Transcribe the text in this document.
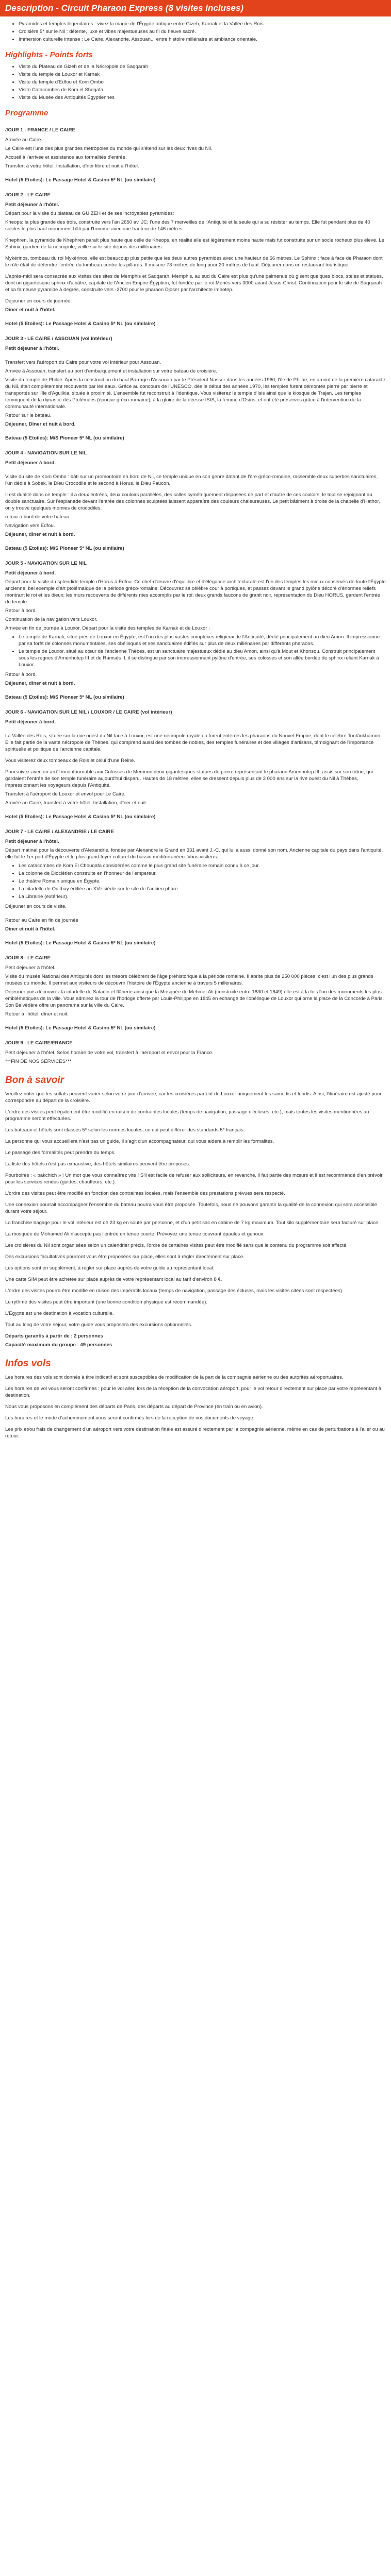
Description - Circuit Pharaon Express (8 visites incluses)
• Pyramides et temples légendaires : vivez la magie de l'Égypte antique entre Gizeh, Karnak et la Vallée des Rois.
• Croisière 5* sur le Nil : détente, luxe et vibes majestueuses au fil du fleuve sacré.
• Immersion culturelle intense : Le Caire, Alexandrie, Assouan... entre histoire millénaire et ambiance orientale.
Highlights - Points forts
• Visite du Plateau de Gizeh et de la Nécropole de Saqqarah
• Visite du temple de Louxor et Karnak
• Visite du temple d'Edfou et Kom Ombo
• Visite Catacombes de Kom el Shoqafa
• Visite du Musée des Antiquités Égyptiennes
Programme

JOUR 1 - FRANCE / LE CAIRE

Arrivée au Caire.

Le Caire est l'une des plus grandes métropoles du monde qui s'étend sur les deux rives du Nil.

Accueil à l'arrivée et assistance aux formalités d'entrée.

Transfert à votre hôtel. Installation, dîner libre et nuit à l'hôtel.

Hotel (5 Etoiles): Le Passage Hotel & Casino 5* NL (ou similaire)

JOUR 2 - LE CAIRE

Petit déjeuner à l'hôtel.

Départ pour la visite du plateau de GUIZEH et de ses incroyables pyramides:

Kheops: la plus grande des trois, construite vers l'an 2650 av. JC; l'une des 7 merveilles de l'Antiquité et la seule qui a su résister au temps. Elle fut pendant plus de 40 siècles le plus haut monument bâti par l'homme avec une hauteur de 146 mètres.

Khephren, la pyramide de Khephren paraît plus haute que celle de Kheops, en réalité elle est légèrement moins haute mais fut construite sur un socle rocheux plus élevé. Le Sphinx, gardien de la nécropole, veille sur le site depuis des millénaires.

Mykérinos, tombeau du roi Mykérinos, elle est beaucoup plus petite que les deux autres pyramides avec une hauteur de 66 mètres. Le Sphinx : face à face de Pharaon dont le rôle était de défendre l'entrée du tombeau contre les pillards. Il mesure 73 mètres de long pour 20 mètres de haut. Déjeuner dans un restaurant touristique.

L'après-midi sera consacrée aux visites des sites de Memphis et Saqqarah. Memphis, au sud du Caire est plus qu'une palmeraie où gisent quelques blocs, stèles et statues, dont un gigantesque sphinx d'albâtre, capitale de l'Ancien Empire Égyptien, fut fondée par le roi Ménès vers 3000 avant Jésus-Christ. Continuation pour le site de Saqqarah et sa fameuse pyramide à degrés, construite vers -2700 pour le pharaon Djoser par l'architecte Imhotep.

Déjeuner en cours de journée.

Dîner et nuit à l'hôtel.

Hotel (5 Etoiles): Le Passage Hotel & Casino 5* NL (ou similaire)

JOUR 3 - LE CAIRE / ASSOUAN (vol intérieur)

Petit déjeuner à l'hôtel.

Transfert vers l'aéroport du Caire pour votre vol intérieur pour Assouan.

Arrivée à Assouan, transfert au port d'embarquement et installation sur votre bateau de croisière.

Visite du temple de Philae. Après la construction du haut Barrage d'Assouan par le Président Nasser dans les années 1960, l'île de Philae, en amont de la première cataracte du Nil, était complètement recouverte par les eaux. Grâce au concours de l'UNESCO, dès le début des années 1970, les temples furent démontés pierre par pierre et transportés sur l'île d'Aguilkia, située à proximité. L'ensemble fut reconstruit à l'identique. Vous visiterez le temple d'Isis ainsi que le kiosque de Trajan. Les temples témoignent de la dynastie des Ptolémées (époque gréco-romaine), à la gloire de la déesse ISIS, la femme d'Osiris, et ont été préservés grâce à l'intervention de la communauté internationale.

Retour sur le bateau.

Déjeuner, Dîner et nuit à bord.

Bateau (5 Etoiles): M/S Pioneer 5* NL (ou similaire)

JOUR 4 - NAVIGATION SUR LE NIL

Petit déjeuner à bord.

Visite du site de Kom Ombo : bâti sur un promontoire en bord de Nil, ce temple unique en son genre datant de l'ère gréco-romaine, rassemble deux superbes sanctuaires, l'un dédié à Sobek, le Dieu Crocodile et le second à Horus, le Dieu Faucon.

Il est dualité dans ce temple : il a deux entrées, deux couloirs parallèles, des salles symétriquement disposées de part et d'autre de ces couloirs, le tout se rejoignant au double sanctuaire. Sur l'esplanade devant l'entrée des colonnes sculptées laissent apparaître des couleurs chaleureuses. Le petit bâtiment à droite de la chapelle d'Hathor, on y trouve quelques momies de crocodiles.

retour à bord de votre bateau.

Navigation vers Edfou.

Déjeuner, dîner et nuit à bord.

Bateau (5 Etoiles): M/S Pioneer 5* NL (ou similaire)

JOUR 5 - NAVIGATION SUR LE NIL

Petit déjeuner à bord.

Départ pour la visite du splendide temple d'Horus à Edfou. Ce chef-d'œuvre d'équilibre et d'élégance architecturale est l'un des temples les mieux conservés de toute l'Égypte ancienne, bel exemple d'art ptolémaïque de la période gréco-romaine. Découvrez sa célèbre cour à portiques, et passez devant le grand pylône décoré d'énormes reliefs montrant le roi et les dieux; les murs recouverts de différents rites accomplis par le roi; deux grands faucons de granit noir, représentation du Dieu HORUS, gardent l'entrée du temple.

Retour à bord.

Continuation de la navigation vers Louxor.

Arrivée en fin de journée à Louxor. Départ pour la visite des temples de Karnak et de Louxor :

• Le temple de Karnak, situé près de Louxor en Égypte, est l'un des plus vastes complexes religieux de l'Antiquité, dédié principalement au dieu Amon. Il impressionne par sa forêt de colonnes monumentales, ses obélisques et ses sanctuaires édifiés sur plus de deux millénaires par différents pharaons.
• Le temple de Louxor, situé au cœur de l'ancienne Thèbes, est un sanctuaire majestueux dédié au dieu Amon, ainsi qu'à Mout et Khonsou. Construit principalement sous les règnes d'Amenhotep III et de Ramsès II, il se distingue par son impressionnant pylône d'entrée, ses colosses et son allée bordée de sphinx reliant Karnak à Louxor.

Retour à bord.

Déjeuner, dîner et nuit à bord.

Bateau (5 Etoiles): M/S Pioneer 5* NL (ou similaire)

JOUR 6 - NAVIGATION SUR LE NIL / LOUXOR / LE CAIRE (vol intérieur)

Petit déjeuner à bord.

La Vallée des Rois, située sur la rive ouest du Nil face à Louxor, est une nécropole royale où furent enterrés les pharaons du Nouvel Empire, dont le célèbre Toutânkhamon. Elle fait partie de la vaste nécropole de Thèbes, qui comprend aussi des tombes de nobles, des temples funéraires et des villages d'artisans, témoignant de l'importance spirituelle et politique de l'ancienne capitale.

Vous visiterez deux tombeaux de Rois et celui d'une Reine.

Poursuivez avec un arrêt incontournable aux Colosses de Memnon deux gigantesques statues de pierre représentant le pharaon Amenhotep III, assis sur son trône, qui gardaient l'entrée de son temple funéraire aujourd'hui disparu. Hautes de 18 mètres, elles se dressent depuis plus de 3 000 ans sur la rive ouest du Nil à Thèbes, impressionnant les voyageurs depuis l'Antiquité.

Transfert à l'aéroport de Louxor et envol pour Le Caire.

Arrivée au Caire, transfert à votre hôtel. Installation, dîner et nuit.

Hotel (5 Etoiles): Le Passage Hotel & Casino 5* NL (ou similaire)

JOUR 7 - LE CAIRE / ALEXANDRIE / LE CAIRE

Petit déjeuner à l'hôtel.

Départ matinal pour la découverte d'Alexandrie, fondée par Alexandre le Grand en 331 avant J.-C. qui lui a aussi donné son nom. Ancienne capitale du pays dans l'antiquité, elle fut le 1er port d'Égypte et le plus grand foyer culturel du bassin méditerranéen. Vous visiterez :

• Les catacombes de Kom El Chouqafa considérées comme le plus grand site funéraire romain connu à ce jour.
• La colonne de Dioclétien construite en l'honneur de l'empereur.
• Le théâtre Romain unique en Égypte.
• La citadelle de Quitbay édifiée au XVe siècle sur le site de l'ancien phare
• La Librairie (extérieur).

Déjeuner en cours de visite.

Retour au Caire en fin de journée

Dîner et nuit à l'hôtel.

Hotel (5 Etoiles): Le Passage Hotel & Casino 5* NL (ou similaire)

JOUR 8 - LE CAIRE

Petit déjeuner à l'hôtel.

Visite du musée National des Antiquités dont les trésors célèbrent de l'âge préhistorique à la période romaine. Il abrite plus de 250 000 pièces, c'est l'un des plus grands musées du monde. Il permet aux visiteurs de découvrir l'histoire de l'Égypte ancienne à travers 5 millénaires.

Déjeuner puis découvrez la citadelle de Saladin et flânerie ainsi que la Mosquée de Mehmet Ali (construite entre 1830 et 1849) elle est à la fois l'un des monuments les plus emblématiques de la ville. Vous admirez la tour de l'horloge offerte par Louis-Philippe en 1845 en échange de l'obélisque de Louxor qui orne la place de la Concorde à Paris. Son Belvédère offre un panorama sur la ville du Caire.

Retour à l'hôtel, dîner et nuit.

Hotel (5 Etoiles): Le Passage Hotel & Casino 5* NL (ou similaire)

JOUR 9 - LE CAIRE/FRANCE

Petit déjeuner à l'hôtel. Selon horaire de votre vol, transfert à l'aéroport et envol pour la France.

***FIN DE NOS SERVICES***

Bon à savoir

Veuillez noter que les sultats peuvent varier selon votre jour d'arrivée, car les croisières partent de Louxor uniquement les samedis et lundis. Ainsi, l'itinéraire est ajusté pour correspondre au départ de la croisière.

L'ordre des visites peut également être modifié en raison de contraintes locales (temps de navigation, passage d'écluses, etc.), mais toutes les visites mentionnées au programme seront effectuées.

Les bateaux et hôtels sont classés 5* selon les normes locales, ce qui peut différer des standards 5* français.

La personne qui vous accueillera n'est pas un guide, il s'agit d'un accompagnateur, qui vous aidera à remplir les formalités.

Le passage des formalités peut prendre du temps.

La liste des hôtels n'est pas exhaustive, des hôtels similaires peuvent être proposés.

Pourboires : « bakchich » ! Un mot que vous connaîtrez vite ! S'il est facile de refuser aux solliciteurs, en revanche, il fait partie des mœurs et il est recommandé d'en prévoir pour les services rendus (guides, chauffeurs, etc.).

L'ordre des visites peut être modifié en fonction des contraintes locales, mais l'ensemble des prestations prévues sera respecté.

Une connexion pourrait accompagner l'ensemble du bateau pourra vous être proposée. Toutefois, nous ne pouvons garantir la qualité de la connexion qui sera accessible durant votre séjour.

La franchise bagage pour le vol intérieur est de 23 kg en soute par personne, et d'un petit sac en cabine de 7 kg maximum. Tout kilo supplémentaire sera facturé sur place.

La mosquée de Mohamed Ali n'accepte pas l'entrée en tenue courte. Prévoyez une tenue couvrant épaules et genoux.

Les croisières du Nil sont organisées selon un calendrier précis, l'ordre de certaines visites peut être modifié sans que le contenu du programme soit affecté.

Des excursions facultatives pourront vous être proposées sur place, elles sont à régler directement sur place.

Les options sont en supplément, à régler sur place auprès de votre guide au représentant local.

Une carte SIM peut être achetée sur place auprès de votre représentant local au tarif d'environ 8 €.

L'ordre des visites pourra être modifié en raison des impératifs locaux (temps de navigation, passage des écluses, mais les visites citées sont respectées).

Le rythme des visites peut être important (une bonne condition physique est recommandée).

L'Égypte est une destination à vocation culturelle.

Tout au long de votre séjour, votre guide vous proposera des excursions optionnelles.

Départs garantis à partir de : 2 personnes

Capacité maximum du groupe : 49 personnes

Infos vols

Les horaires des vols sont donnés à titre indicatif et sont susceptibles de modification de la part de la compagnie aérienne ou des autorités aéroportuaires.

Les horaires de vol vous seront confirmés : pour le vol aller, lors de la réception de la convocation aéroport, pour le vol retour directement sur place par votre représentant à destination.

Nous vous proposons en complément des départs de Paris, des départs au départ de Province (en train ou en avion).

Les horaires et le mode d'acheminement vous seront confirmés lors de la réception de vos documents de voyage.

Les prix et/ou frais de changement d'un aéroport vers votre destination finale est assuré directement par la compagnie aérienne, même en cas de perturbations à l'aller ou au retour.
